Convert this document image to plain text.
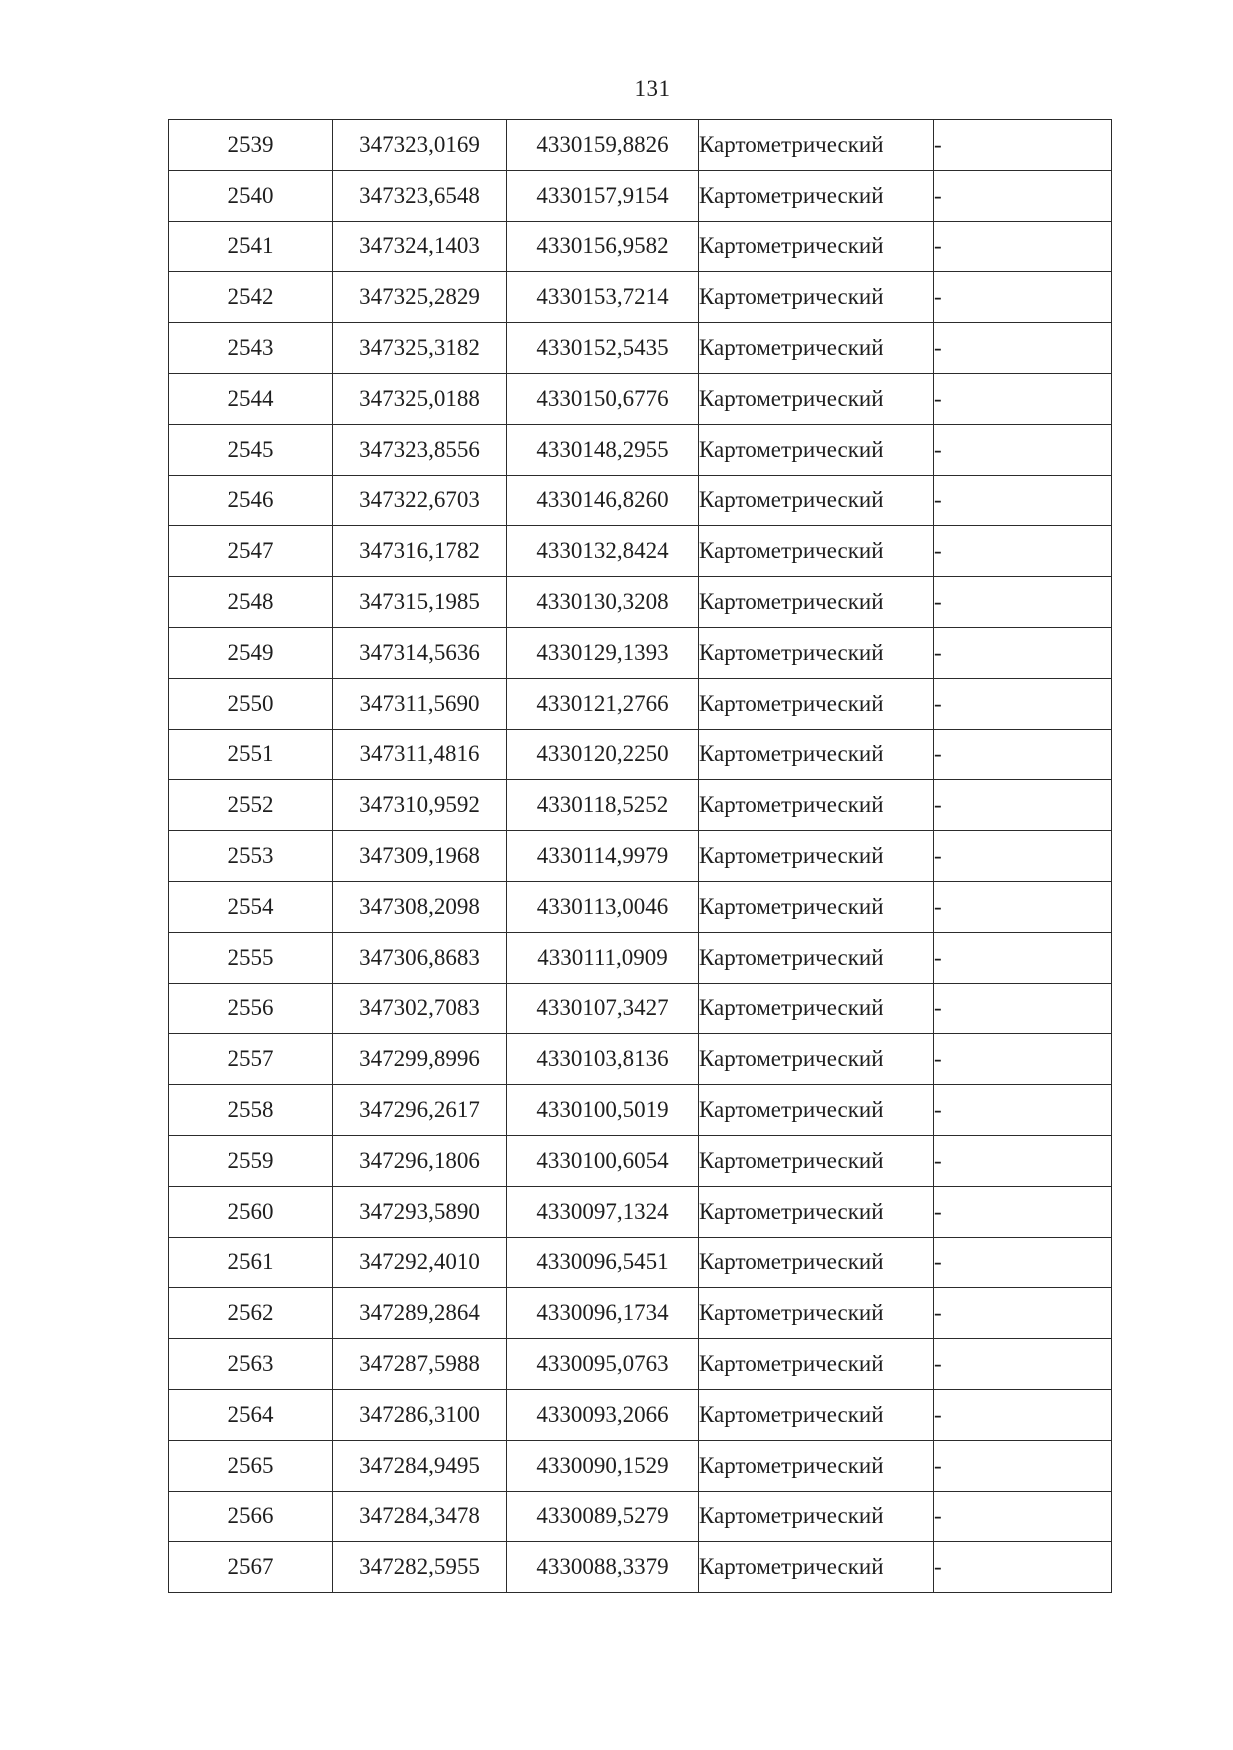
131
2539	347323,0169	4330159,8826	Картометрический	-
2540	347323,6548	4330157,9154	Картометрический	-
2541	347324,1403	4330156,9582	Картометрический	-
2542	347325,2829	4330153,7214	Картометрический	-
2543	347325,3182	4330152,5435	Картометрический	-
2544	347325,0188	4330150,6776	Картометрический	-
2545	347323,8556	4330148,2955	Картометрический	-
2546	347322,6703	4330146,8260	Картометрический	-
2547	347316,1782	4330132,8424	Картометрический	-
2548	347315,1985	4330130,3208	Картометрический	-
2549	347314,5636	4330129,1393	Картометрический	-
2550	347311,5690	4330121,2766	Картометрический	-
2551	347311,4816	4330120,2250	Картометрический	-
2552	347310,9592	4330118,5252	Картометрический	-
2553	347309,1968	4330114,9979	Картометрический	-
2554	347308,2098	4330113,0046	Картометрический	-
2555	347306,8683	4330111,0909	Картометрический	-
2556	347302,7083	4330107,3427	Картометрический	-
2557	347299,8996	4330103,8136	Картометрический	-
2558	347296,2617	4330100,5019	Картометрический	-
2559	347296,1806	4330100,6054	Картометрический	-
2560	347293,5890	4330097,1324	Картометрический	-
2561	347292,4010	4330096,5451	Картометрический	-
2562	347289,2864	4330096,1734	Картометрический	-
2563	347287,5988	4330095,0763	Картометрический	-
2564	347286,3100	4330093,2066	Картометрический	-
2565	347284,9495	4330090,1529	Картометрический	-
2566	347284,3478	4330089,5279	Картометрический	-
2567	347282,5955	4330088,3379	Картометрический	-
